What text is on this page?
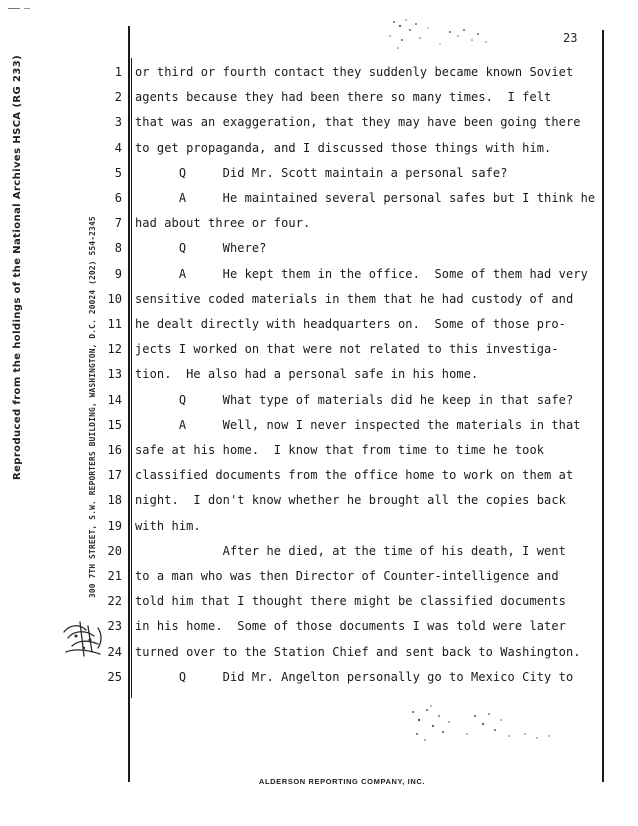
Reproduced from the holdings of the National Archives HSCA (RG 233)	300 7TH STREET, S.W. REPORTERS BUILDING, WASHINGTON, D.C. 20024 (202) 554-2345
23
1 or third or fourth contact they suddenly became known Soviet
2 agents because they had been there so many times.  I felt
3 that was an exaggeration, that they may have been going there
4 to get propaganda, and I discussed those things with him.
5 Q     Did Mr. Scott maintain a personal safe?
6 A     He maintained several personal safes but I think he
7 had about three or four.
8 Q     Where?
9 A     He kept them in the office.  Some of them had very
10 sensitive coded materials in them that he had custody of and
11 he dealt directly with headquarters on.  Some of those pro-
12 jects I worked on that were not related to this investiga-
13 tion.  He also had a personal safe in his home.
14 Q     What type of materials did he keep in that safe?
15 A     Well, now I never inspected the materials in that
16 safe at his home.  I know that from time to time he took
17 classified documents from the office home to work on them at
18 night.  I don't know whether he brought all the copies back
19 with him.
20 After he died, at the time of his death, I went
21 to a man who was then Director of Counter-intelligence and
22 told him that I thought there might be classified documents
23 in his home.  Some of those documents I was told were later
24 turned over to the Station Chief and sent back to Washington.
25 Q     Did Mr. Angelton personally go to Mexico City to
ALDERSON REPORTING COMPANY, INC.
